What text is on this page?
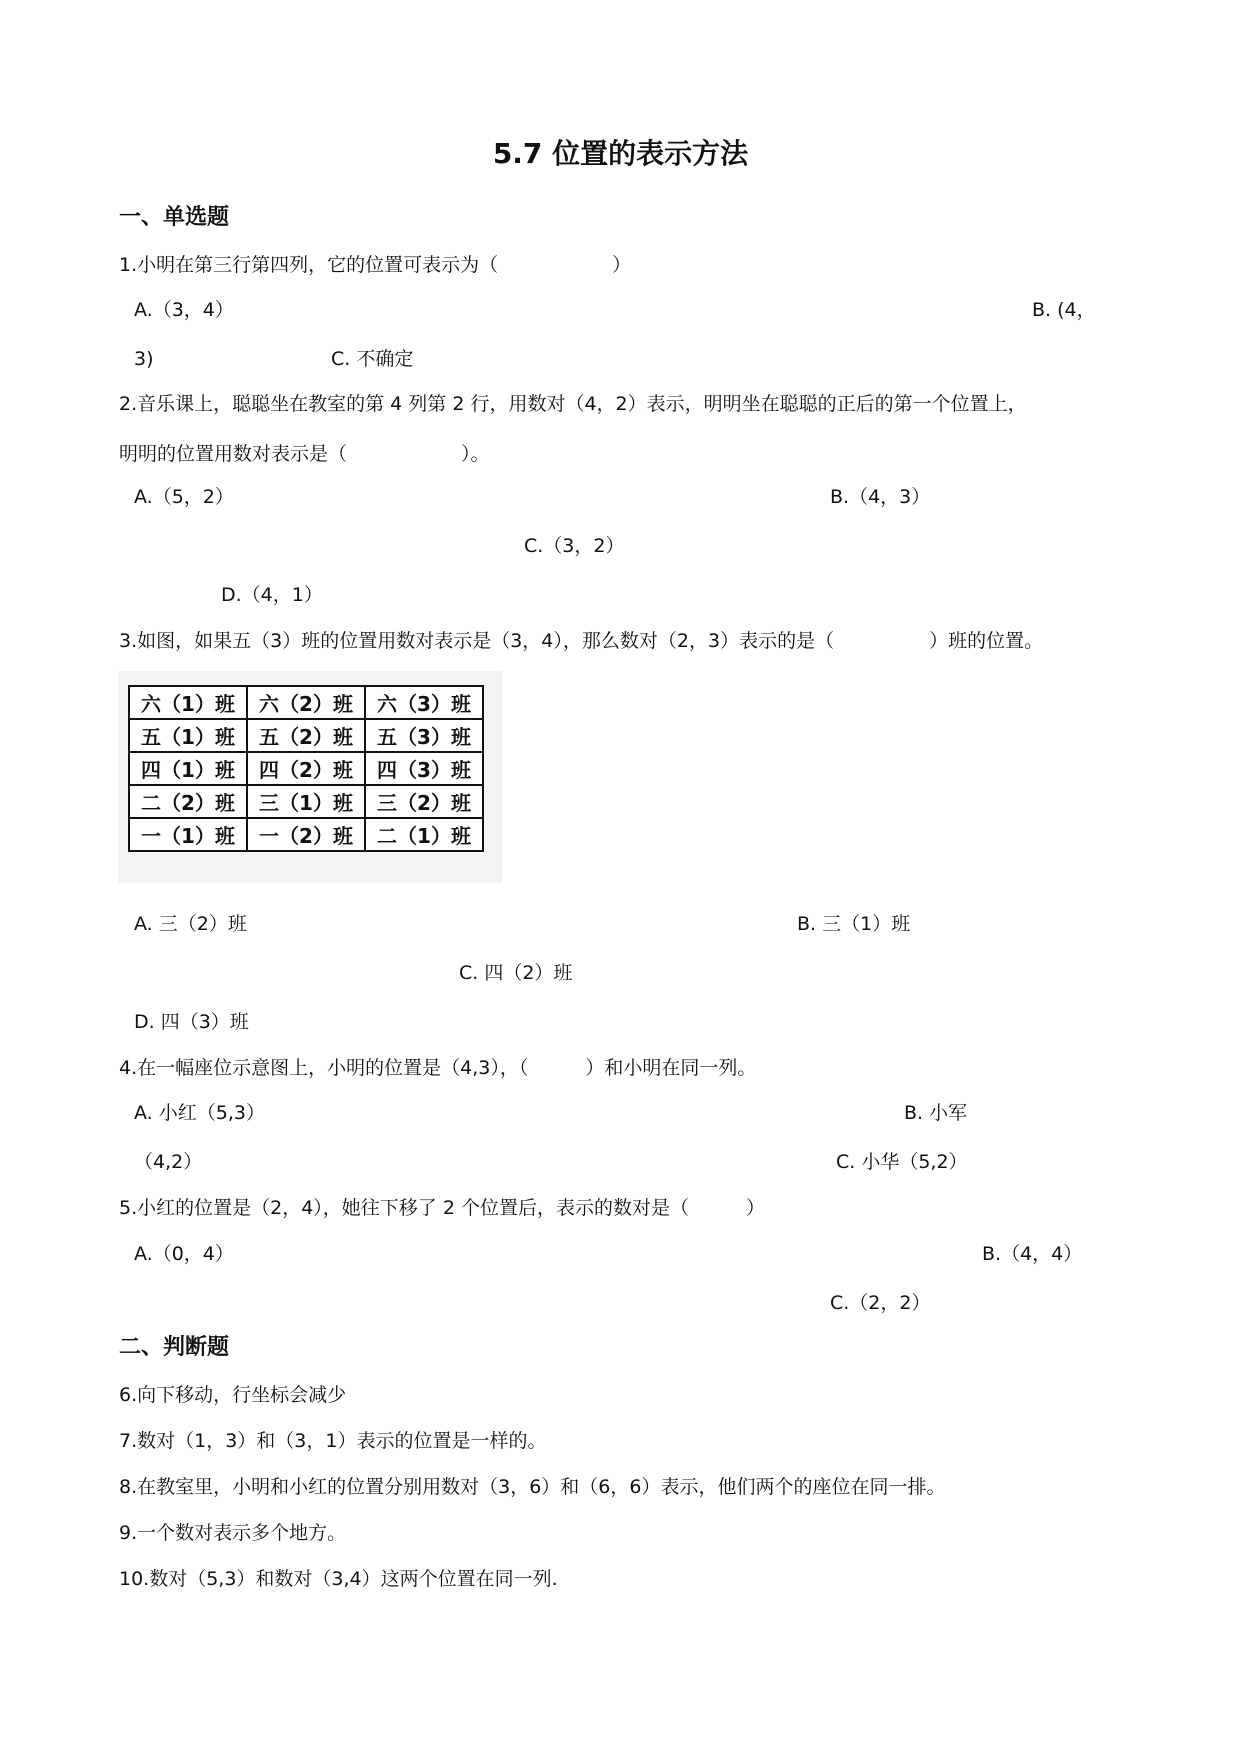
5.7 位置的表示方法
一、单选题
1.小明在第三行第四列，它的位置可表示为（　　　　　　）
A.（3，4）	B. (4，
3)	C. 不确定
2.音乐课上，聪聪坐在教室的第 4 列第 2 行，用数对（4，2）表示，明明坐在聪聪的正后的第一个位置上，
明明的位置用数对表示是（　　　　　　）。
A.（5，2）	B.（4，3）
C.（3，2）
D.（4，1）
3.如图，如果五（3）班的位置用数对表示是（3，4），那么数对（2，3）表示的是（　　　　　）班的位置。
六（1）班	六（2）班	六（3）班
五（1）班	五（2）班	五（3）班
四（1）班	四（2）班	四（3）班
二（2）班	三（1）班	三（2）班
一（1）班	一（2）班	二（1）班
A. 三（2）班	B. 三（1）班
C. 四（2）班
D. 四（3）班
4.在一幅座位示意图上，小明的位置是（4,3），（　　　）和小明在同一列。
A. 小红（5,3）	B. 小军
（4,2）	C. 小华（5,2）
5.小红的位置是（2，4），她往下移了 2 个位置后，表示的数对是（　　　）
A.（0，4）	B.（4，4）
C.（2，2）
二、判断题
6.向下移动，行坐标会减少
7.数对（1，3）和（3，1）表示的位置是一样的。
8.在教室里，小明和小红的位置分别用数对（3，6）和（6，6）表示，他们两个的座位在同一排。
9.一个数对表示多个地方。
10.数对（5,3）和数对（3,4）这两个位置在同一列.
